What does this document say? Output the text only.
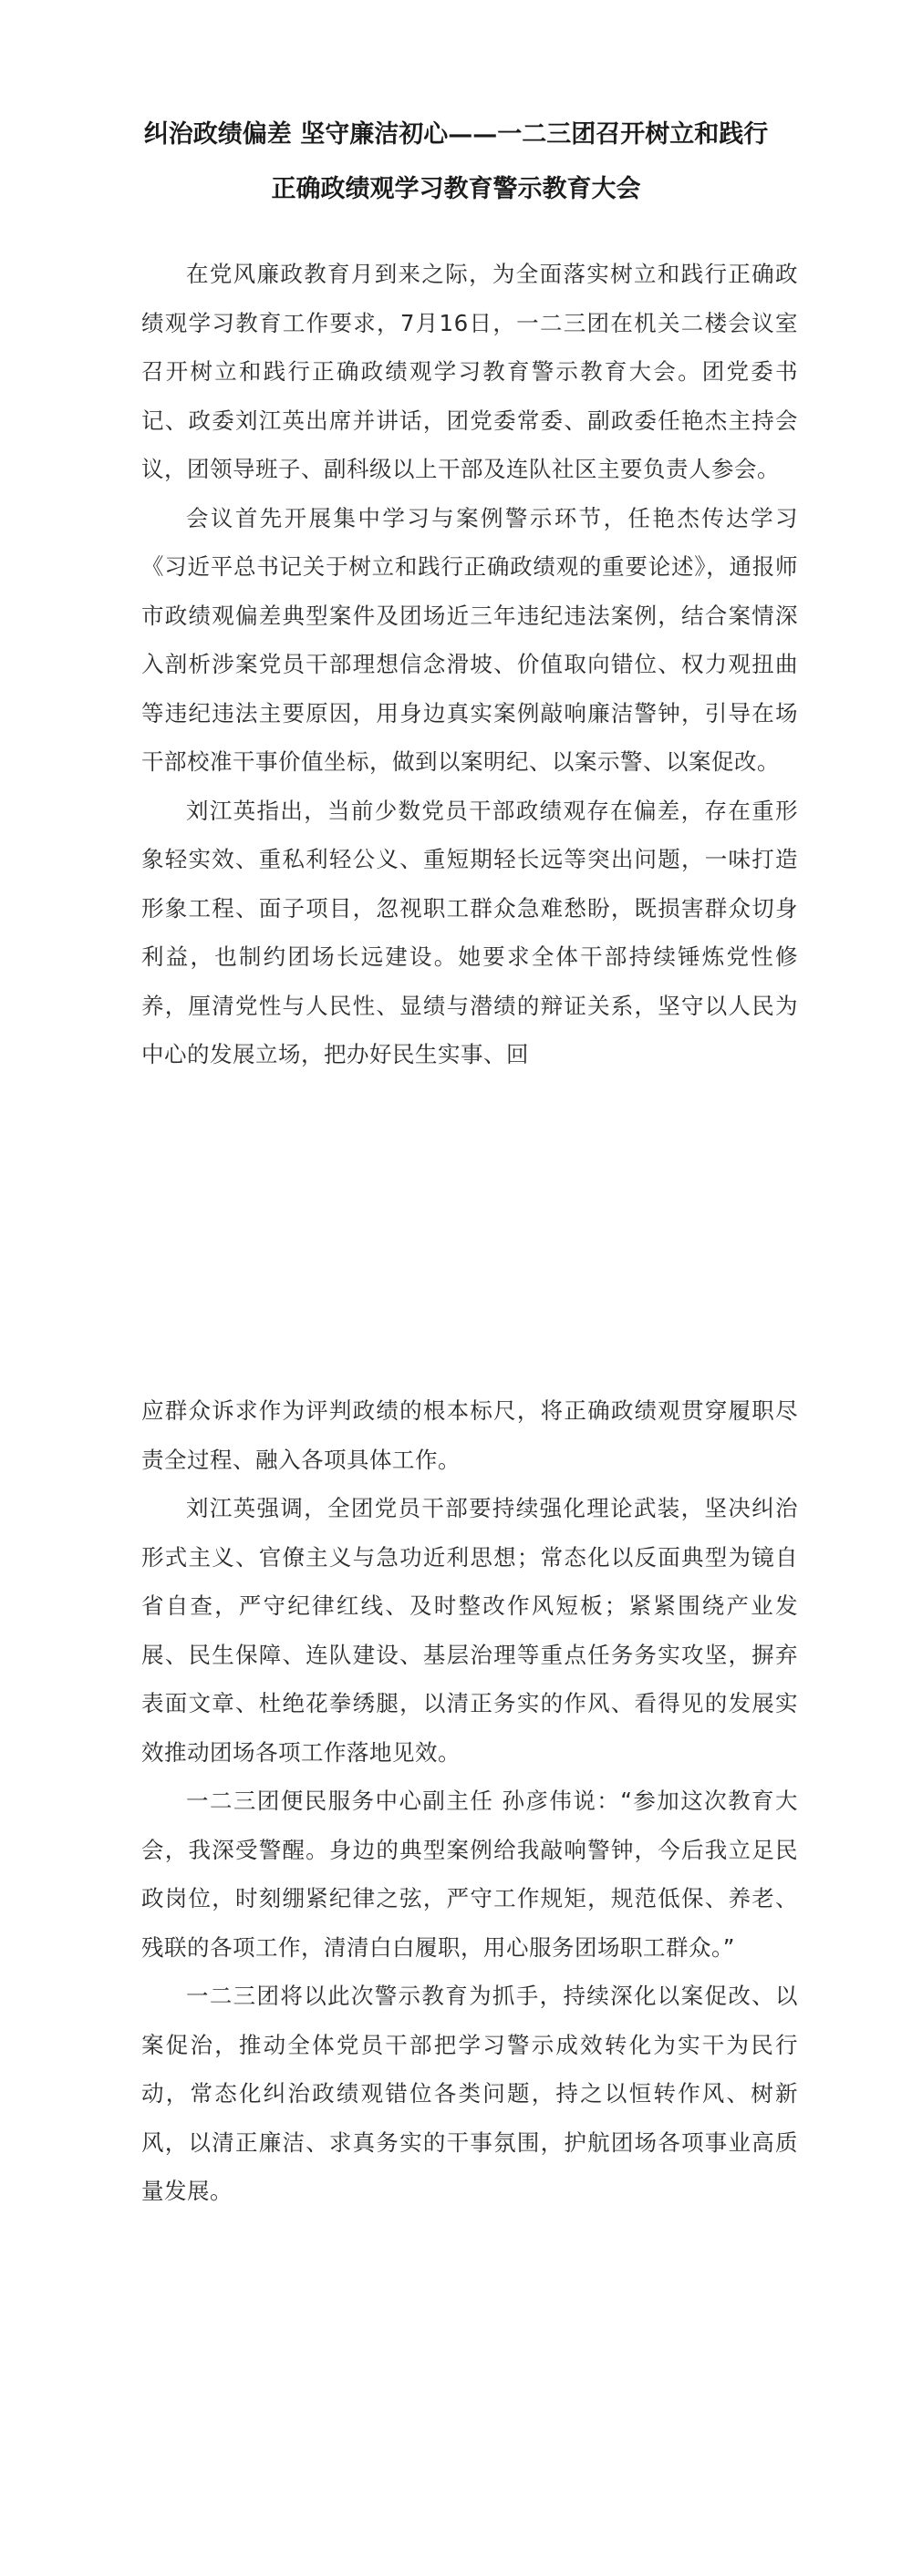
纠治政绩偏差 坚守廉洁初心——一二三团召开树立和践行
正确政绩观学习教育警示教育大会

在党风廉政教育月到来之际，为全面落实树立和践行正确政绩观学习教育工作要求，7月16日，一二三团在机关二楼会议室召开树立和践行正确政绩观学习教育警示教育大会。团党委书记、政委刘江英出席并讲话，团党委常委、副政委任艳杰主持会议，团领导班子、副科级以上干部及连队社区主要负责人参会。

会议首先开展集中学习与案例警示环节，任艳杰传达学习《习近平总书记关于树立和践行正确政绩观的重要论述》，通报师市政绩观偏差典型案件及团场近三年违纪违法案例，结合案情深入剖析涉案党员干部理想信念滑坡、价值取向错位、权力观扭曲等违纪违法主要原因，用身边真实案例敲响廉洁警钟，引导在场干部校准干事价值坐标，做到以案明纪、以案示警、以案促改。

刘江英指出，当前少数党员干部政绩观存在偏差，存在重形象轻实效、重私利轻公义、重短期轻长远等突出问题，一味打造形象工程、面子项目，忽视职工群众急难愁盼，既损害群众切身利益，也制约团场长远建设。她要求全体干部持续锤炼党性修养，厘清党性与人民性、显绩与潜绩的辩证关系，坚守以人民为中心的发展立场，把办好民生实事、回

应群众诉求作为评判政绩的根本标尺，将正确政绩观贯穿履职尽责全过程、融入各项具体工作。

刘江英强调，全团党员干部要持续强化理论武装，坚决纠治形式主义、官僚主义与急功近利思想；常态化以反面典型为镜自省自查，严守纪律红线、及时整改作风短板；紧紧围绕产业发展、民生保障、连队建设、基层治理等重点任务务实攻坚，摒弃表面文章、杜绝花拳绣腿，以清正务实的作风、看得见的发展实效推动团场各项工作落地见效。

一二三团便民服务中心副主任 孙彦伟说：“参加这次教育大会，我深受警醒。身边的典型案例给我敲响警钟，今后我立足民政岗位，时刻绷紧纪律之弦，严守工作规矩，规范低保、养老、残联的各项工作，清清白白履职，用心服务团场职工群众。”

一二三团将以此次警示教育为抓手，持续深化以案促改、以案促治，推动全体党员干部把学习警示成效转化为实干为民行动，常态化纠治政绩观错位各类问题，持之以恒转作风、树新风，以清正廉洁、求真务实的干事氛围，护航团场各项事业高质量发展。
